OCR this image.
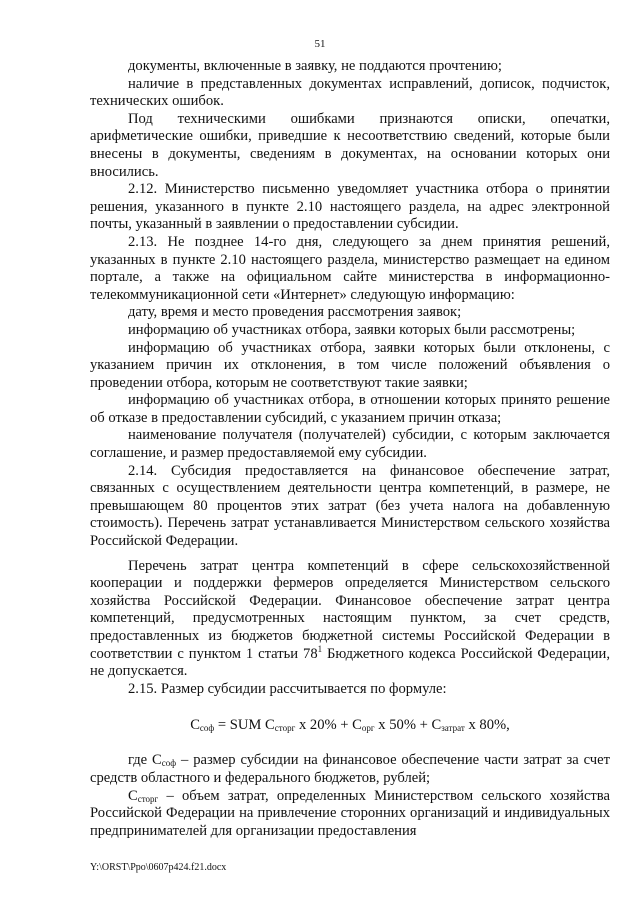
51

документы, включенные в заявку, не поддаются прочтению;

наличие в представленных документах исправлений, дописок, подчисток, технических ошибок.

Под техническими ошибками признаются описки, опечатки, арифметические ошибки, приведшие к несоответствию сведений, которые были внесены в документы, сведениям в документах, на основании которых они вносились.

2.12. Министерство письменно уведомляет участника отбора о принятии решения, указанного в пункте 2.10 настоящего раздела, на адрес электронной почты, указанный в заявлении о предоставлении субсидии.

2.13. Не позднее 14-го дня, следующего за днем принятия решений, указанных в пункте 2.10 настоящего раздела, министерство размещает на едином портале, а также на официальном сайте министерства в информационно-телекоммуникационной сети «Интернет» следующую информацию:

дату, время и место проведения рассмотрения заявок;

информацию об участниках отбора, заявки которых были рассмотрены;

информацию об участниках отбора, заявки которых были отклонены, с указанием причин их отклонения, в том числе положений объявления о проведении отбора, которым не соответствуют такие заявки;

информацию об участниках отбора, в отношении которых принято решение об отказе в предоставлении субсидий, с указанием причин отказа;

наименование получателя (получателей) субсидии, с которым заключается соглашение, и размер предоставляемой ему субсидии.

2.14. Субсидия предоставляется на финансовое обеспечение затрат, связанных с осуществлением деятельности центра компетенций, в размере, не превышающем 80 процентов этих затрат (без учета налога на добавленную стоимость). Перечень затрат устанавливается Министерством сельского хозяйства Российской Федерации.

Перечень затрат центра компетенций в сфере сельскохозяйственной кооперации и поддержки фермеров определяется Министерством сельского хозяйства Российской Федерации. Финансовое обеспечение затрат центра компетенций, предусмотренных настоящим пунктом, за счет средств, предоставленных из бюджетов бюджетной системы Российской Федерации в соответствии с пунктом 1 статьи 78$^1$ Бюджетного кодекса Российской Федерации, не допускается.

2.15. Размер субсидии рассчитывается по формуле:

$С_{соф}$ = SUM $С_{сторг}$ x $20\% + С_{орг}$ x $50\% + С_{затрат}$ x 80%,

где Ссоф – размер субсидии на финансовое обеспечение части затрат за счет средств областного и федерального бюджетов, рублей;

Ссторг – объем затрат, определенных Министерством сельского хозяйства Российской Федерации на привлечение сторонних организаций и индивидуальных предпринимателей для организации предоставления

Y:\ORST\Ppo\0607p424.f21.docx
